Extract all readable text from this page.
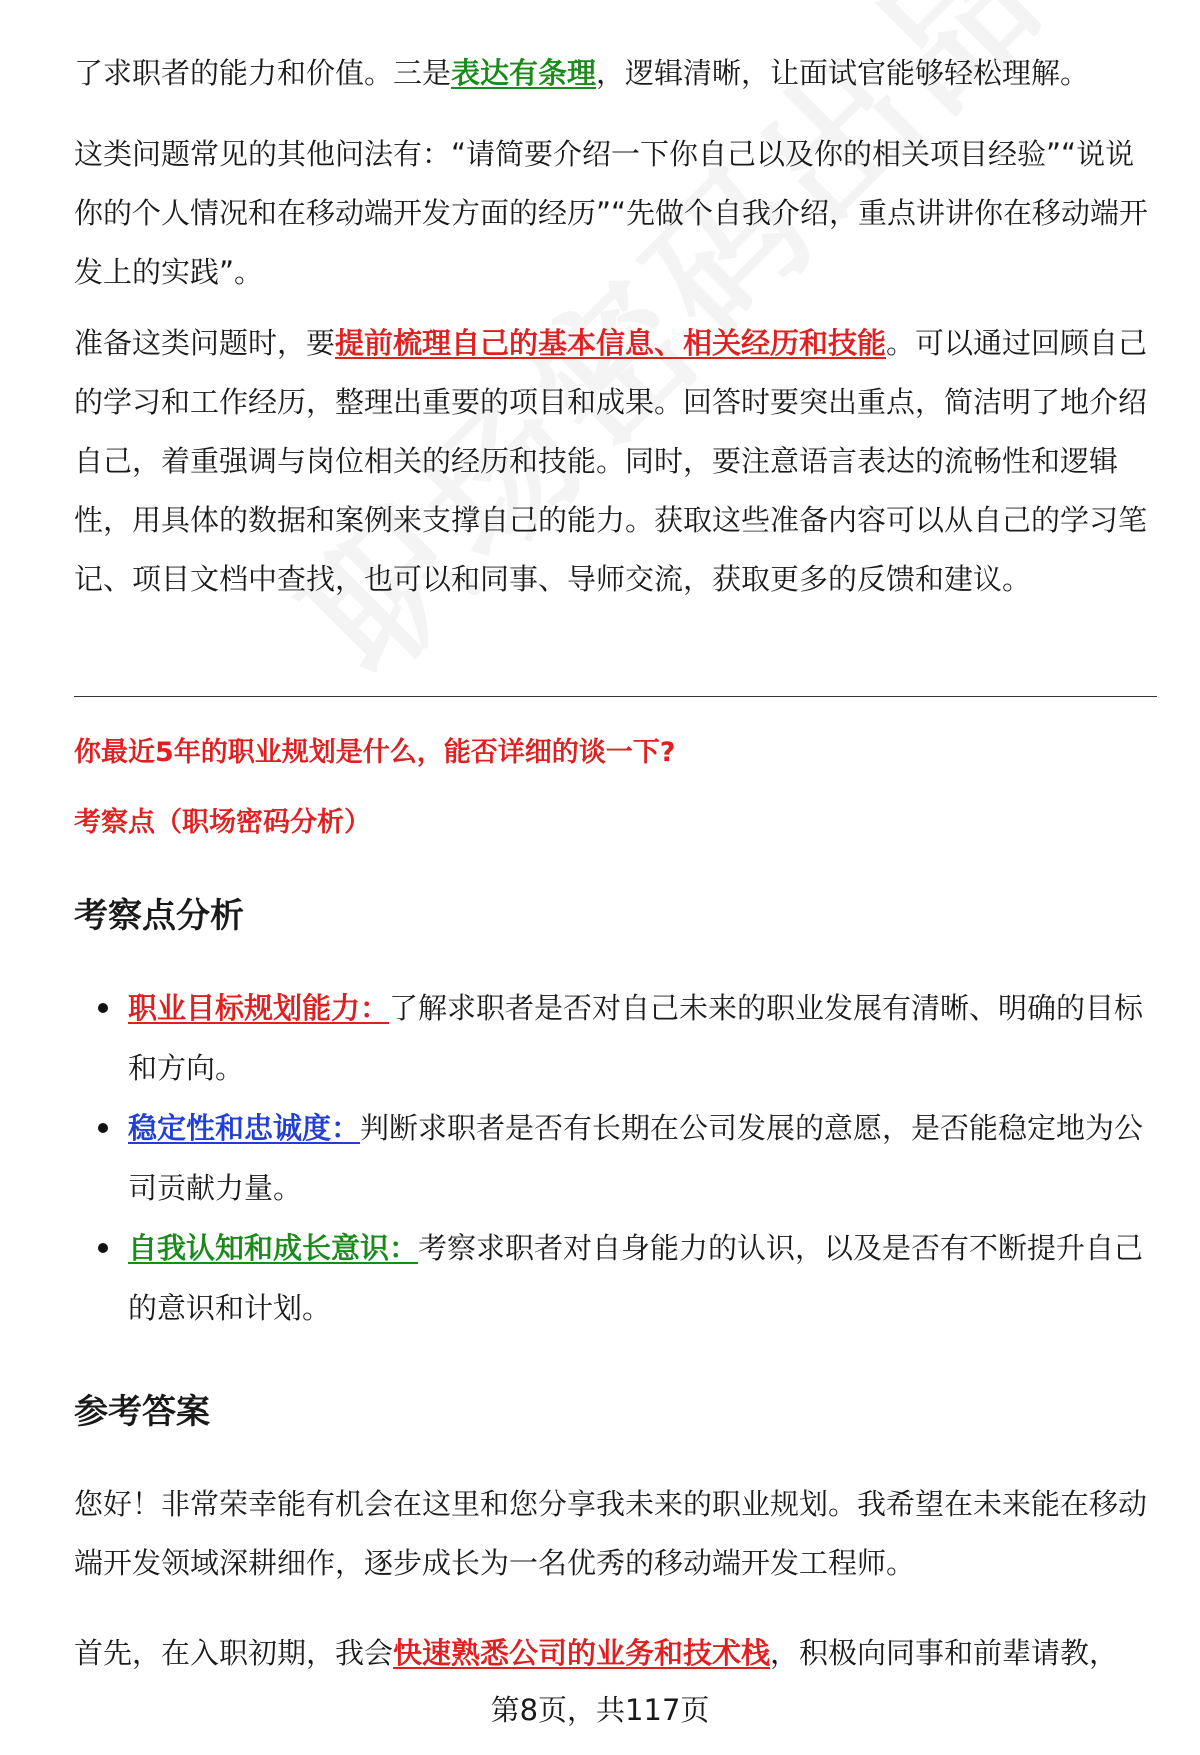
了求职者的能力和价值。三是表达有条理，逻辑清晰，让面试官能够轻松理解。

这类问题常见的其他问法有：“请简要介绍一下你自己以及你的相关项目经验”“说说你的个人情况和在移动端开发方面的经历”“先做个自我介绍，重点讲讲你在移动端开发上的实践”。

准备这类问题时，要提前梳理自己的基本信息、相关经历和技能。可以通过回顾自己的学习和工作经历，整理出重要的项目和成果。回答时要突出重点，简洁明了地介绍自己，着重强调与岗位相关的经历和技能。同时，要注意语言表达的流畅性和逻辑性，用具体的数据和案例来支撑自己的能力。获取这些准备内容可以从自己的学习笔记、项目文档中查找，也可以和同事、导师交流，获取更多的反馈和建议。

你最近5年的职业规划是什么，能否详细的谈一下?

考察点（职场密码分析）

考察点分析
职业目标规划能力：了解求职者是否对自己未来的职业发展有清晰、明确的目标和方向。
稳定性和忠诚度：判断求职者是否有长期在公司发展的意愿，是否能稳定地为公司贡献力量。
自我认知和成长意识：考察求职者对自身能力的认识，以及是否有不断提升自己的意识和计划。
参考答案

您好！非常荣幸能有机会在这里和您分享我未来的职业规划。我希望在未来能在移动端开发领域深耕细作，逐步成长为一名优秀的移动端开发工程师。

首先，在入职初期，我会快速熟悉公司的业务和技术栈，积极向同事和前辈请教，

第8页，共117页
